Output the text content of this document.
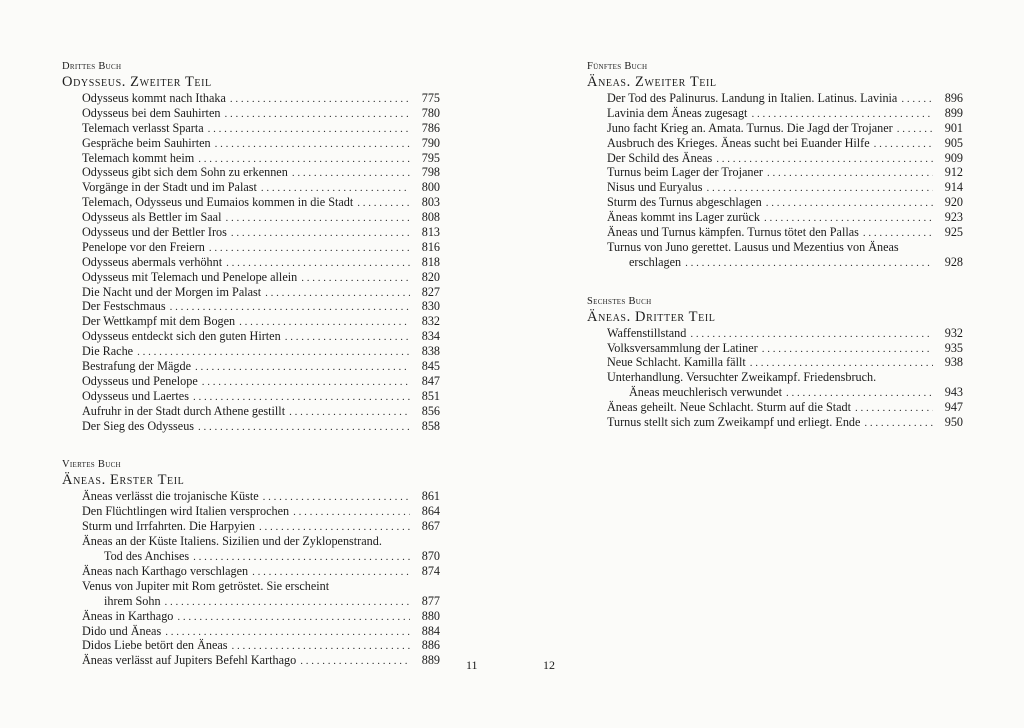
Drittes Buch
Odysseus. Zweiter Teil
Odysseus kommt nach Ithaka . . .	775
Odysseus bei dem Sauhirten . . .	780
Telemach verlasst Sparta . . .	786
Gespräche beim Sauhirten . . .	790
Telemach kommt heim . . .	795
Odysseus gibt sich dem Sohn zu erkennen . . .	798
Vorgänge in der Stadt und im Palast . . .	800
Telemach, Odysseus und Eumaios kommen in die Stadt . . .	803
Odysseus als Bettler im Saal . . .	808
Odysseus und der Bettler Iros . . .	813
Penelope vor den Freiern . . .	816
Odysseus abermals verhöhnt . . .	818
Odysseus mit Telemach und Penelope allein . . .	820
Die Nacht und der Morgen im Palast . . .	827
Der Festschmaus . . .	830
Der Wettkampf mit dem Bogen . . .	832
Odysseus entdeckt sich den guten Hirten . . .	834
Die Rache . . .	838
Bestrafung der Mägde . . .	845
Odysseus und Penelope . . .	847
Odysseus und Laertes . . .	851
Aufruhr in der Stadt durch Athene gestillt . . .	856
Der Sieg des Odysseus . . .	858
Viertes Buch
Äneas. Erster Teil
Äneas verlässt die trojanische Küste . . .	861
Den Flüchtlingen wird Italien versprochen . . .	864
Sturm und Irrfahrten. Die Harpyien . . .	867
Äneas an der Küste Italiens. Sizilien und der Zyklopenstrand.
Tod des Anchises . . .	870
Äneas nach Karthago verschlagen . . .	874
Venus von Jupiter mit Rom getröstet. Sie erscheint
ihrem Sohn . . .	877
Äneas in Karthago . . .	880
Dido und Äneas . . .	884
Didos Liebe betört den Äneas . . .	886
Äneas verlässt auf Jupiters Befehl Karthago . . .	889
Fünftes Buch
Äneas. Zweiter Teil
Der Tod des Palinurus. Landung in Italien. Latinus. Lavinia . . .	896
Lavinia dem Äneas zugesagt . . .	899
Juno facht Krieg an. Amata. Turnus. Die Jagd der Trojaner . . .	901
Ausbruch des Krieges. Äneas sucht bei Euander Hilfe . . .	905
Der Schild des Äneas . . .	909
Turnus beim Lager der Trojaner . . .	912
Nisus und Euryalus . . .	914
Sturm des Turnus abgeschlagen . . .	920
Äneas kommt ins Lager zurück . . .	923
Äneas und Turnus kämpfen. Turnus tötet den Pallas . . .	925
Turnus von Juno gerettet. Lausus und Mezentius von Äneas
erschlagen . . .	928
Sechstes Buch
Äneas. Dritter Teil
Waffenstillstand . . .	932
Volksversammlung der Latiner . . .	935
Neue Schlacht. Kamilla fällt . . .	938
Unterhandlung. Versuchter Zweikampf. Friedensbruch.
Äneas meuchlerisch verwundet . . .	943
Äneas geheilt. Neue Schlacht. Sturm auf die Stadt . . .	947
Turnus stellt sich zum Zweikampf und erliegt. Ende . . .	950
11	12
